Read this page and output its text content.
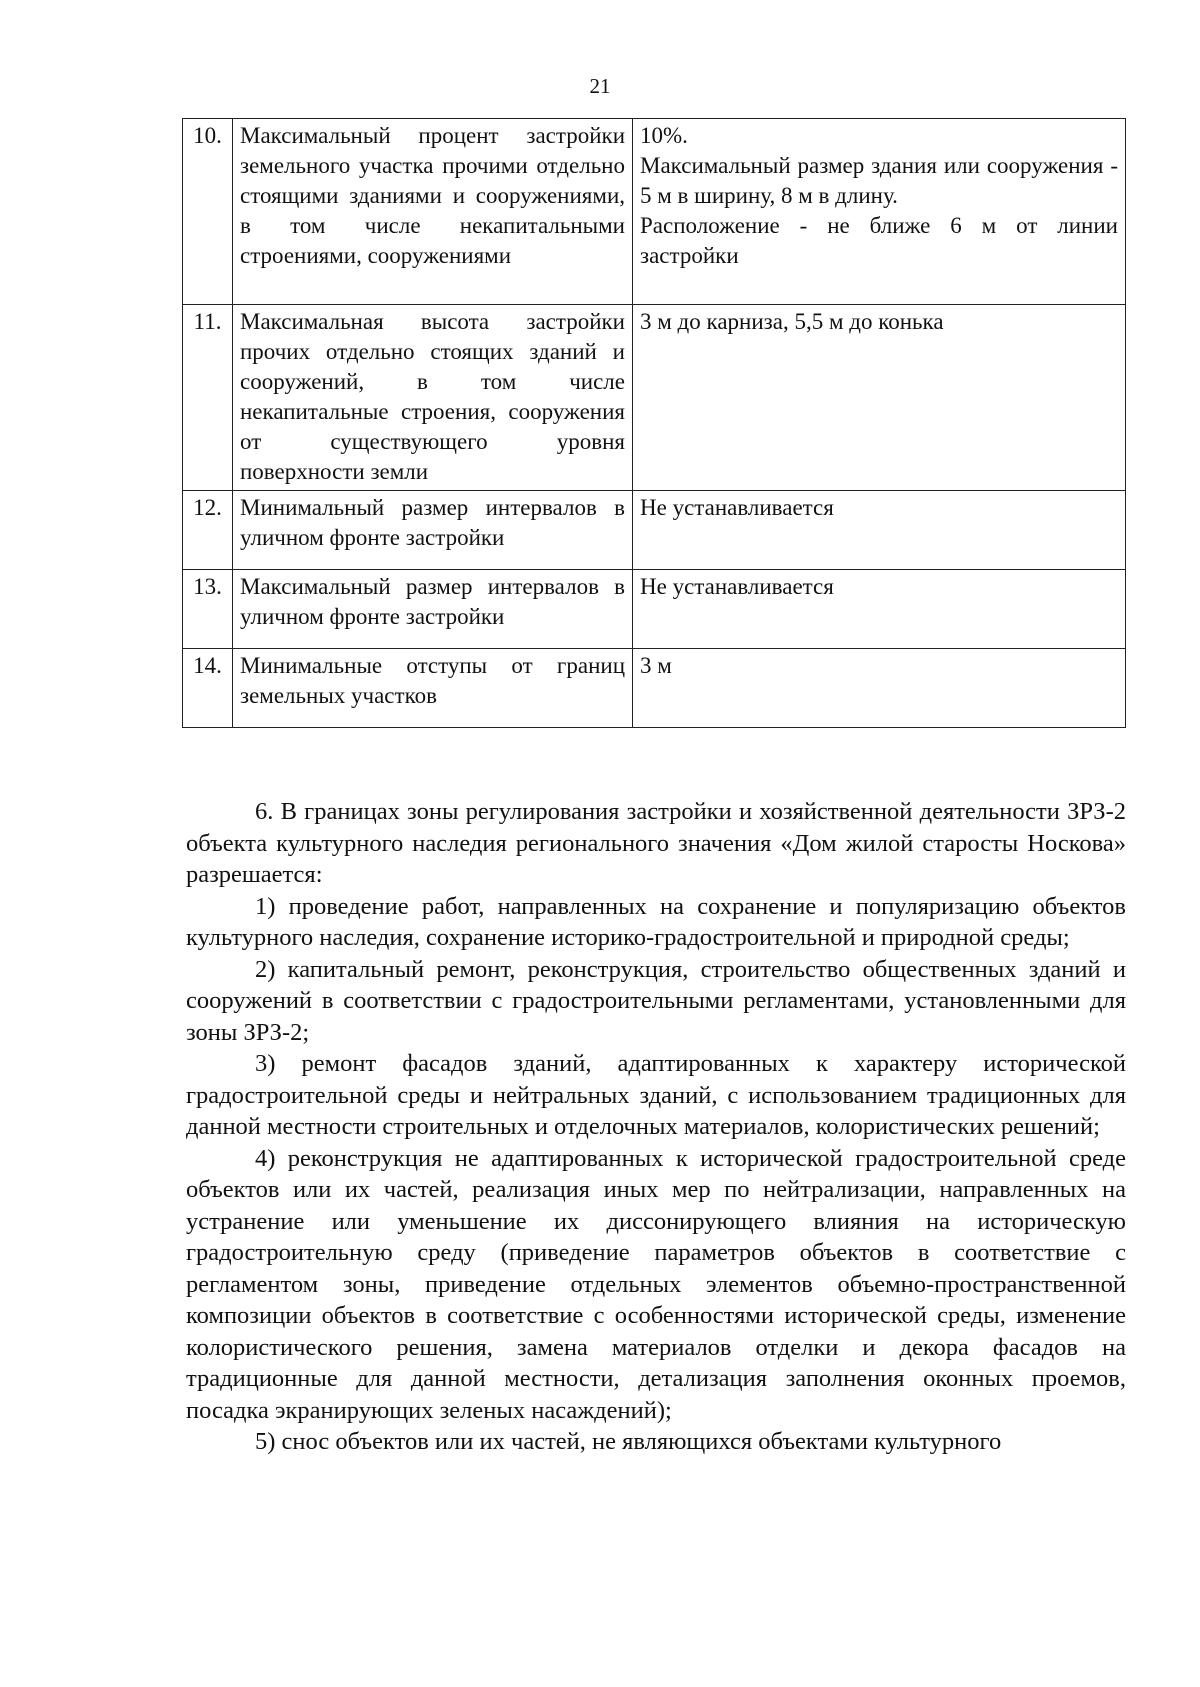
21
10.	Максимальный процент застройки земельного участка прочими отдельно стоящими зданиями и сооружениями, в том числе некапитальными строениями, сооружениями	10%.
Максимальный размер здания или сооружения - 5 м в ширину, 8 м в длину.
Расположение - не ближе 6 м от линии застройки

11.	Максимальная высота застройки прочих отдельно стоящих зданий и сооружений, в том числе некапитальные строения, сооружения от существующего уровня поверхности земли	3 м до карниза, 5,5 м до конька

12.	Минимальный размер интервалов в уличном фронте застройки	Не устанавливается

13.	Максимальный размер интервалов в уличном фронте застройки	Не устанавливается

14.	Минимальные отступы от границ земельных участков	3 м

6. В границах зоны регулирования застройки и хозяйственной деятельности ЗРЗ-2 объекта культурного наследия регионального значения «Дом жилой старосты Носкова» разрешается:

1) проведение работ, направленных на сохранение и популяризацию объектов культурного наследия, сохранение историко-градостроительной и природной среды;

2) капитальный ремонт, реконструкция, строительство общественных зданий и сооружений в соответствии с градостроительными регламентами, установленными для зоны ЗРЗ-2;

3) ремонт фасадов зданий, адаптированных к характеру исторической градостроительной среды и нейтральных зданий, с использованием традиционных для данной местности строительных и отделочных материалов, колористических решений;

4) реконструкция не адаптированных к исторической градостроительной среде объектов или их частей, реализация иных мер по нейтрализации, направленных на устранение или уменьшение их диссонирующего влияния на историческую градостроительную среду (приведение параметров объектов в соответствие с регламентом зоны, приведение отдельных элементов объемно-пространственной композиции объектов в соответствие с особенностями исторической среды, изменение колористического решения, замена материалов отделки и декора фасадов на традиционные для данной местности, детализация заполнения оконных проемов, посадка экранирующих зеленых насаждений);

5) снос объектов или их частей, не являющихся объектами культурного
